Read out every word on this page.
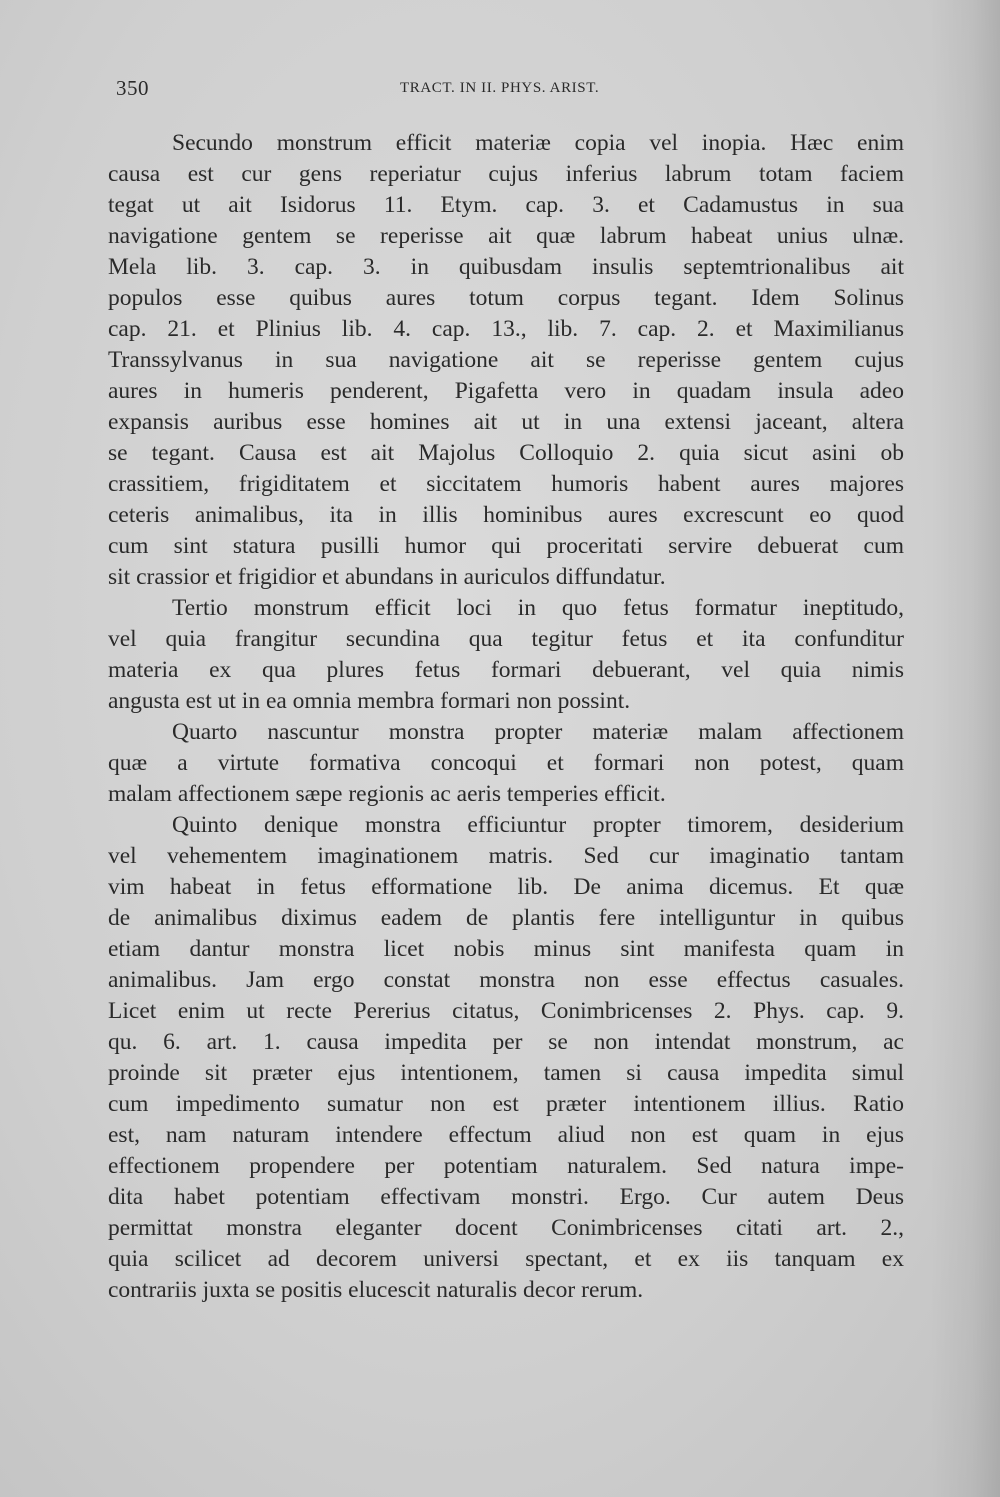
350	TRACT. IN II. PHYS. ARIST.
Secundo monstrum efficit materiæ copia vel inopia. Hæc enim
causa est cur gens reperiatur cujus inferius labrum totam faciem
tegat ut ait Isidorus 11. Etym. cap. 3. et Cadamustus in sua
navigatione gentem se reperisse ait quæ labrum habeat unius ulnæ.
Mela lib. 3. cap. 3. in quibusdam insulis septemtrionalibus ait
populos esse quibus aures totum corpus tegant. Idem Solinus
cap. 21. et Plinius lib. 4. cap. 13., lib. 7. cap. 2. et Maximilianus
Transsylvanus in sua navigatione ait se reperisse gentem cujus
aures in humeris penderent, Pigafetta vero in quadam insula adeo
expansis auribus esse homines ait ut in una extensi jaceant, altera
se tegant. Causa est ait Majolus Colloquio 2. quia sicut asini ob
crassitiem, frigiditatem et siccitatem humoris habent aures majores
ceteris animalibus, ita in illis hominibus aures excrescunt eo quod
cum sint statura pusilli humor qui proceritati servire debuerat cum
sit crassior et frigidior et abundans in auriculos diffundatur.
Tertio monstrum efficit loci in quo fetus formatur ineptitudo,
vel quia frangitur secundina qua tegitur fetus et ita confunditur
materia ex qua plures fetus formari debuerant, vel quia nimis
angusta est ut in ea omnia membra formari non possint.
Quarto nascuntur monstra propter materiæ malam affectionem
quæ a virtute formativa concoqui et formari non potest, quam
malam affectionem sæpe regionis ac aeris temperies efficit.
Quinto denique monstra efficiuntur propter timorem, desiderium
vel vehementem imaginationem matris. Sed cur imaginatio tantam
vim habeat in fetus efformatione lib. De anima dicemus. Et quæ
de animalibus diximus eadem de plantis fere intelliguntur in quibus
etiam dantur monstra licet nobis minus sint manifesta quam in
animalibus. Jam ergo constat monstra non esse effectus casuales.
Licet enim ut recte Pererius citatus, Conimbricenses 2. Phys. cap. 9.
qu. 6. art. 1. causa impedita per se non intendat monstrum, ac
proinde sit præter ejus intentionem, tamen si causa impedita simul
cum impedimento sumatur non est præter intentionem illius. Ratio
est, nam naturam intendere effectum aliud non est quam in ejus
effectionem propendere per potentiam naturalem. Sed natura impe-
dita habet potentiam effectivam monstri. Ergo. Cur autem Deus
permittat monstra eleganter docent Conimbricenses citati art. 2.,
quia scilicet ad decorem universi spectant, et ex iis tanquam ex
contrariis juxta se positis elucescit naturalis decor rerum.
